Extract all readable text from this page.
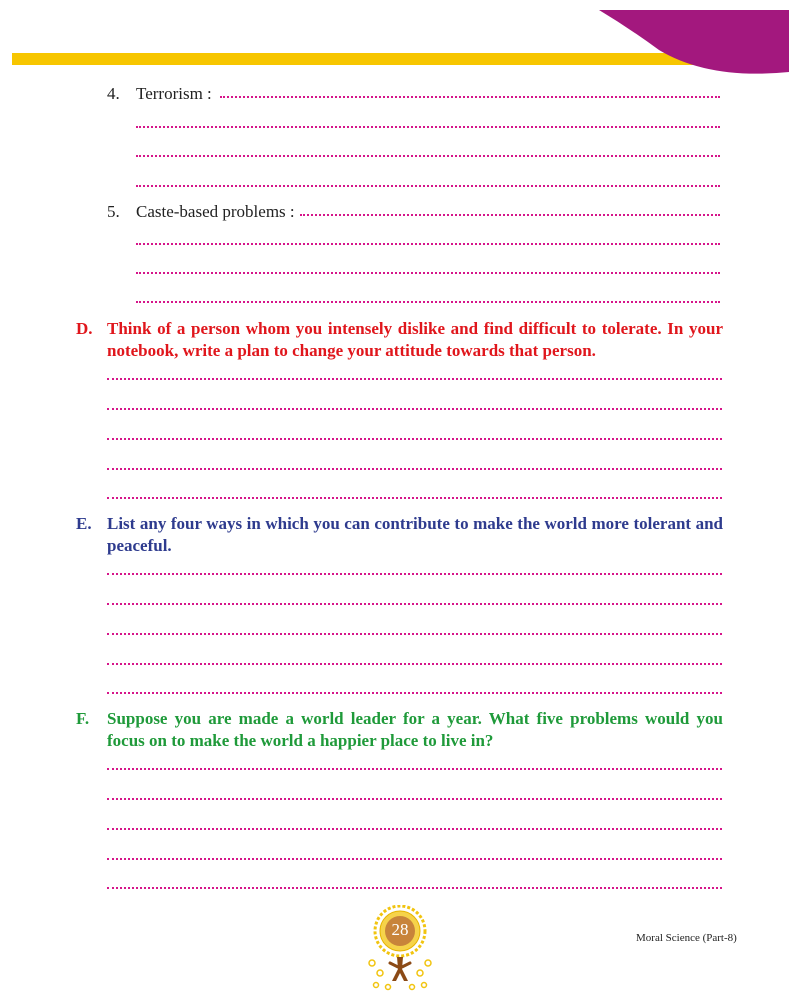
4. Terrorism :
5. Caste-based problems :
D. Think of a person whom you intensely dislike and find difficult to tolerate. In your notebook, write a plan to change your attitude towards that person.
E. List any four ways in which you can contribute to make the world more tolerant and peaceful.
F. Suppose you are made a world leader for a year. What five problems would you focus on to make the world a happier place to live in?
28	Moral Science (Part-8)
